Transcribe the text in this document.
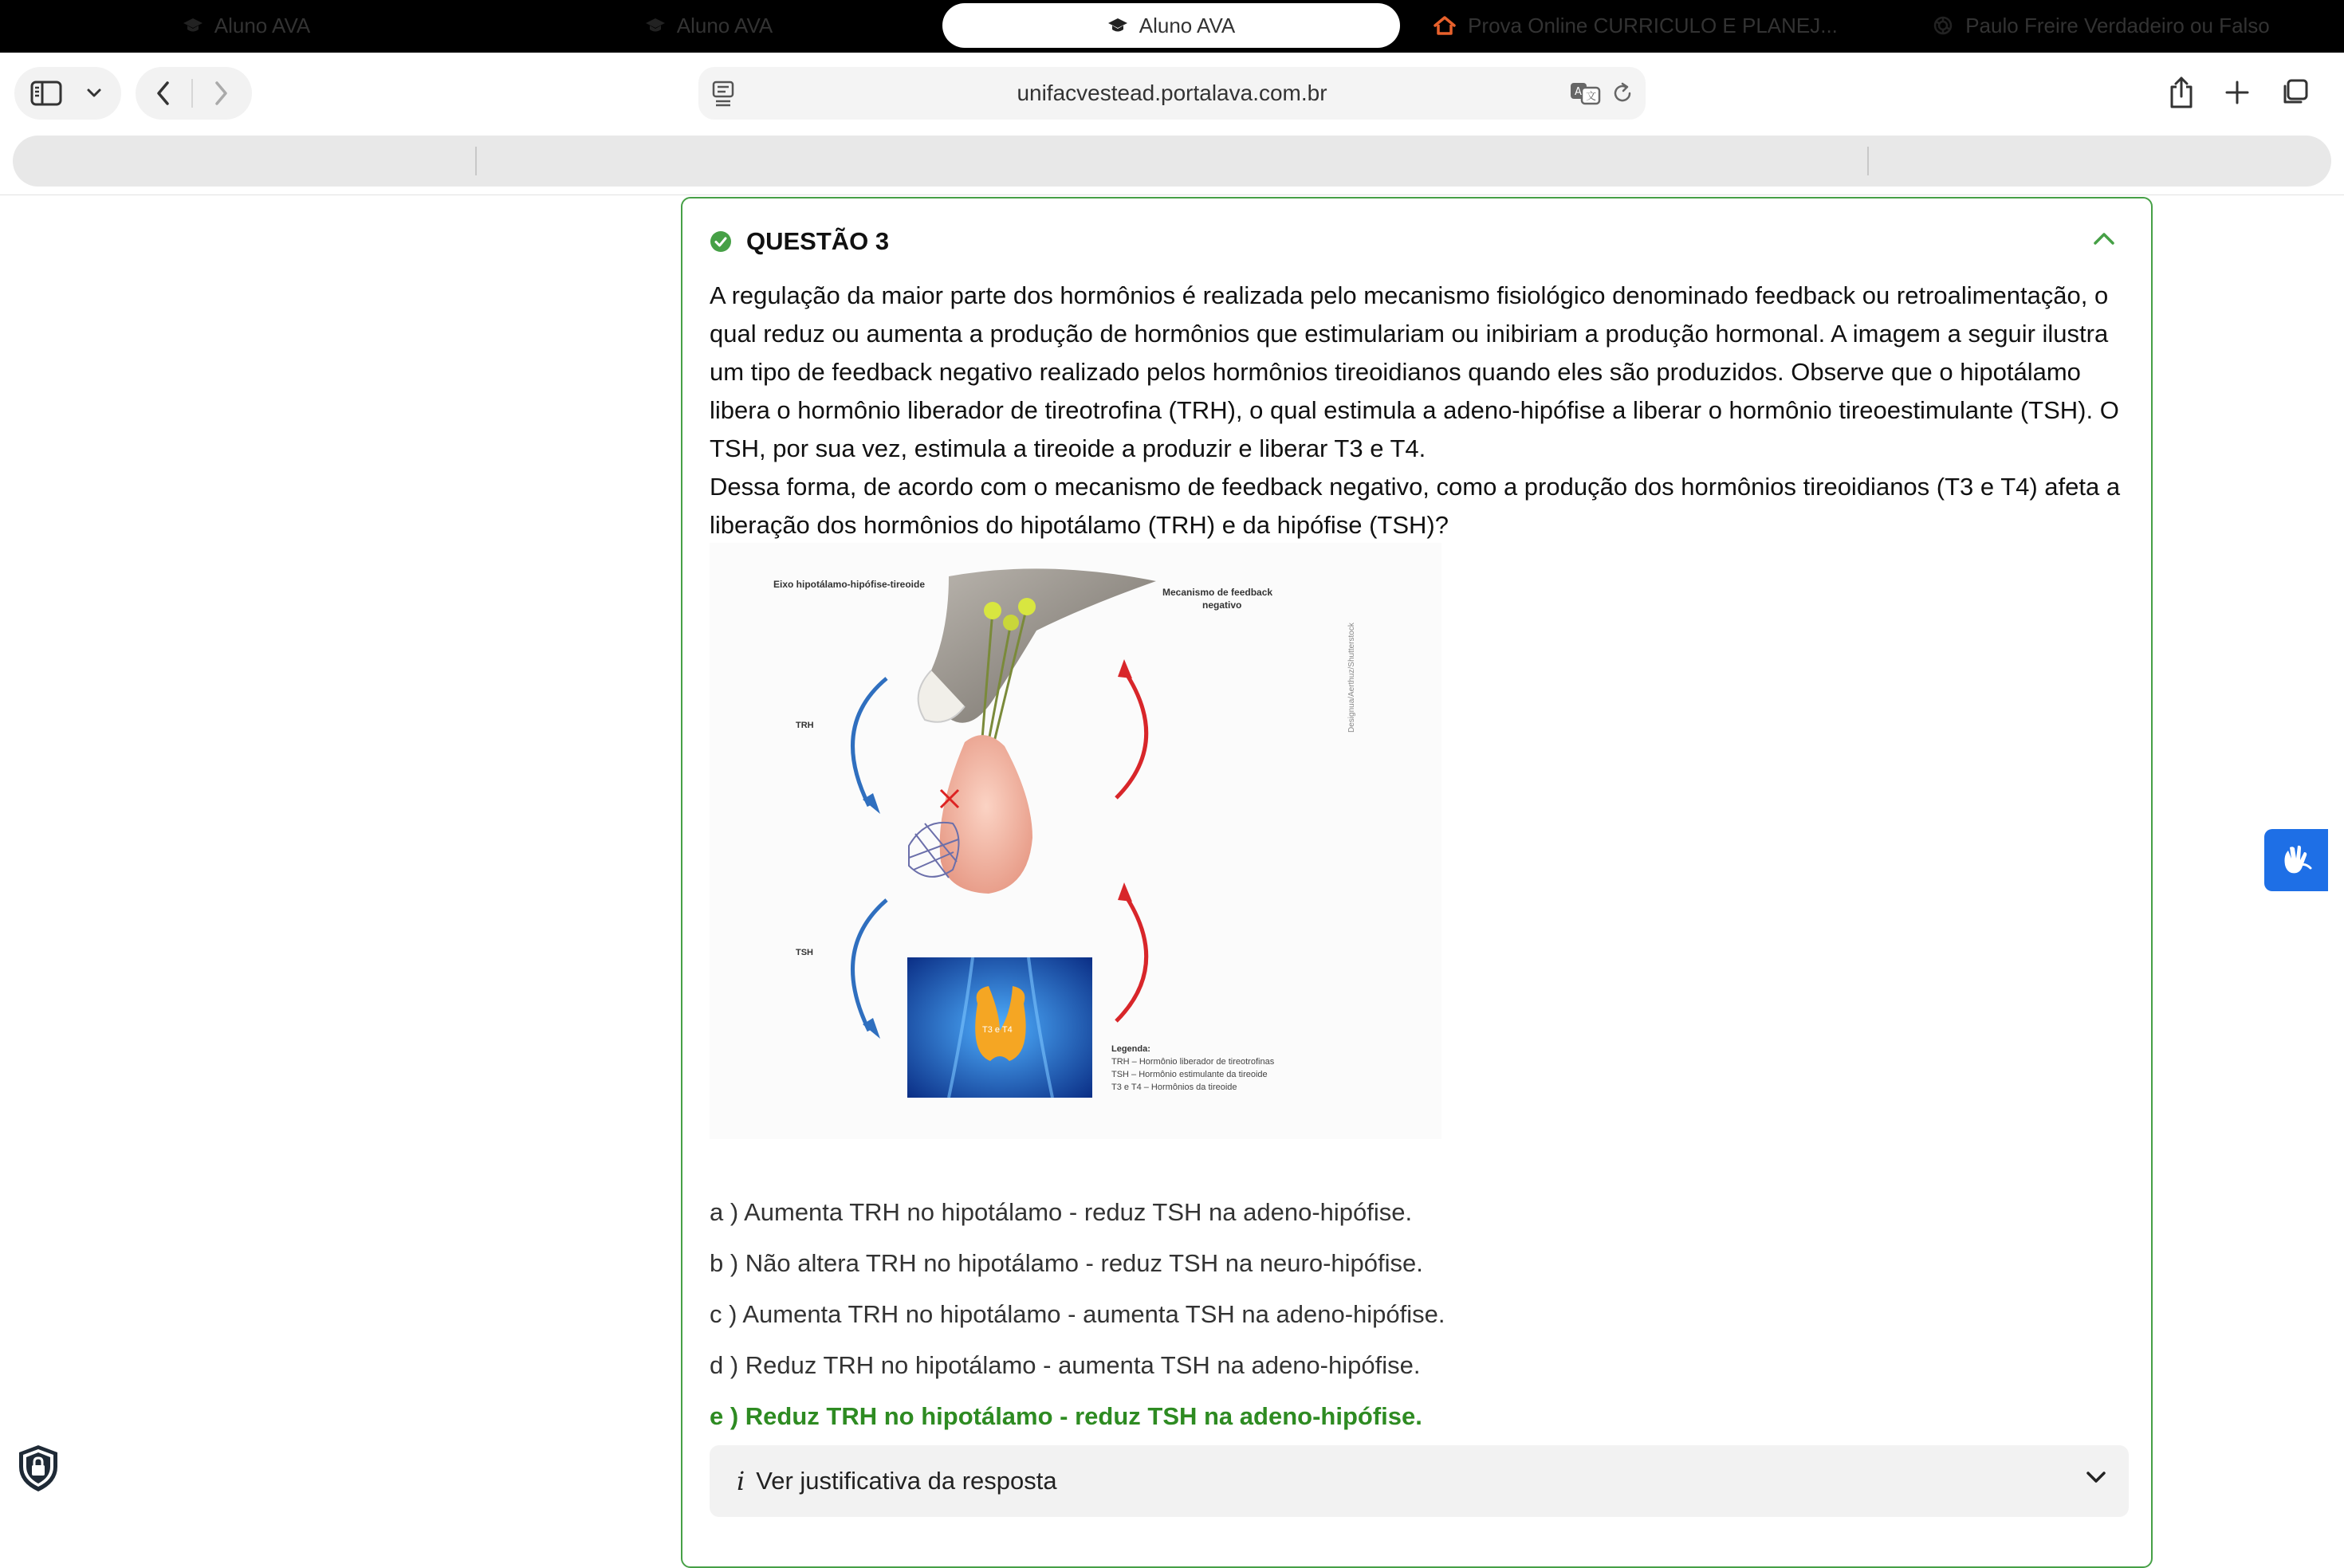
unifacvestead.portalava.com.br	A 文
Aluno AVA	Aluno AVA	Aluno AVA	Prova Online CURRICULO E PLANEJ...	Paulo Freire Verdadeiro ou Falso
QUESTÃO 3

A regulação da maior parte dos hormônios é realizada pelo mecanismo fisiológico denominado feedback ou retroalimentação, o qual reduz ou aumenta a produção de hormônios que estimulariam ou inibiriam a produção hormonal. A imagem a seguir ilustra um tipo de feedback negativo realizado pelos hormônios tireoidianos quando eles são produzidos. Observe que o hipotálamo libera o hormônio liberador de tireotrofina (TRH), o qual estimula a adeno-hipófise a liberar o hormônio tireoestimulante (TSH). O TSH, por sua vez, estimula a tireoide a produzir e liberar T3 e T4.

Dessa forma, de acordo com o mecanismo de feedback negativo, como a produção dos hormônios tireoidianos (T3 e T4) afeta a liberação dos hormônios do hipotálamo (TRH) e da hipófise (TSH)?

Eixo hipotálamo-hipófise-tireoide
Mecanismo de feedback
negativo
Designua/Aerthuz/Shutterstock
TRH
TSH
T3 e T4
Legenda:
TRH – Hormônio liberador de tireotrofinas
TSH – Hormônio estimulante da tireoide
T3 e T4 – Hormônios da tireoide
a ) Aumenta TRH no hipotálamo - reduz TSH na adeno-hipófise.
b ) Não altera TRH no hipotálamo - reduz TSH na neuro-hipófise.
c ) Aumenta TRH no hipotálamo - aumenta TSH na adeno-hipófise.
d ) Reduz TRH no hipotálamo - aumenta TSH na adeno-hipófise.
e ) Reduz TRH no hipotálamo - reduz TSH na adeno-hipófise.
i Ver justificativa da resposta
